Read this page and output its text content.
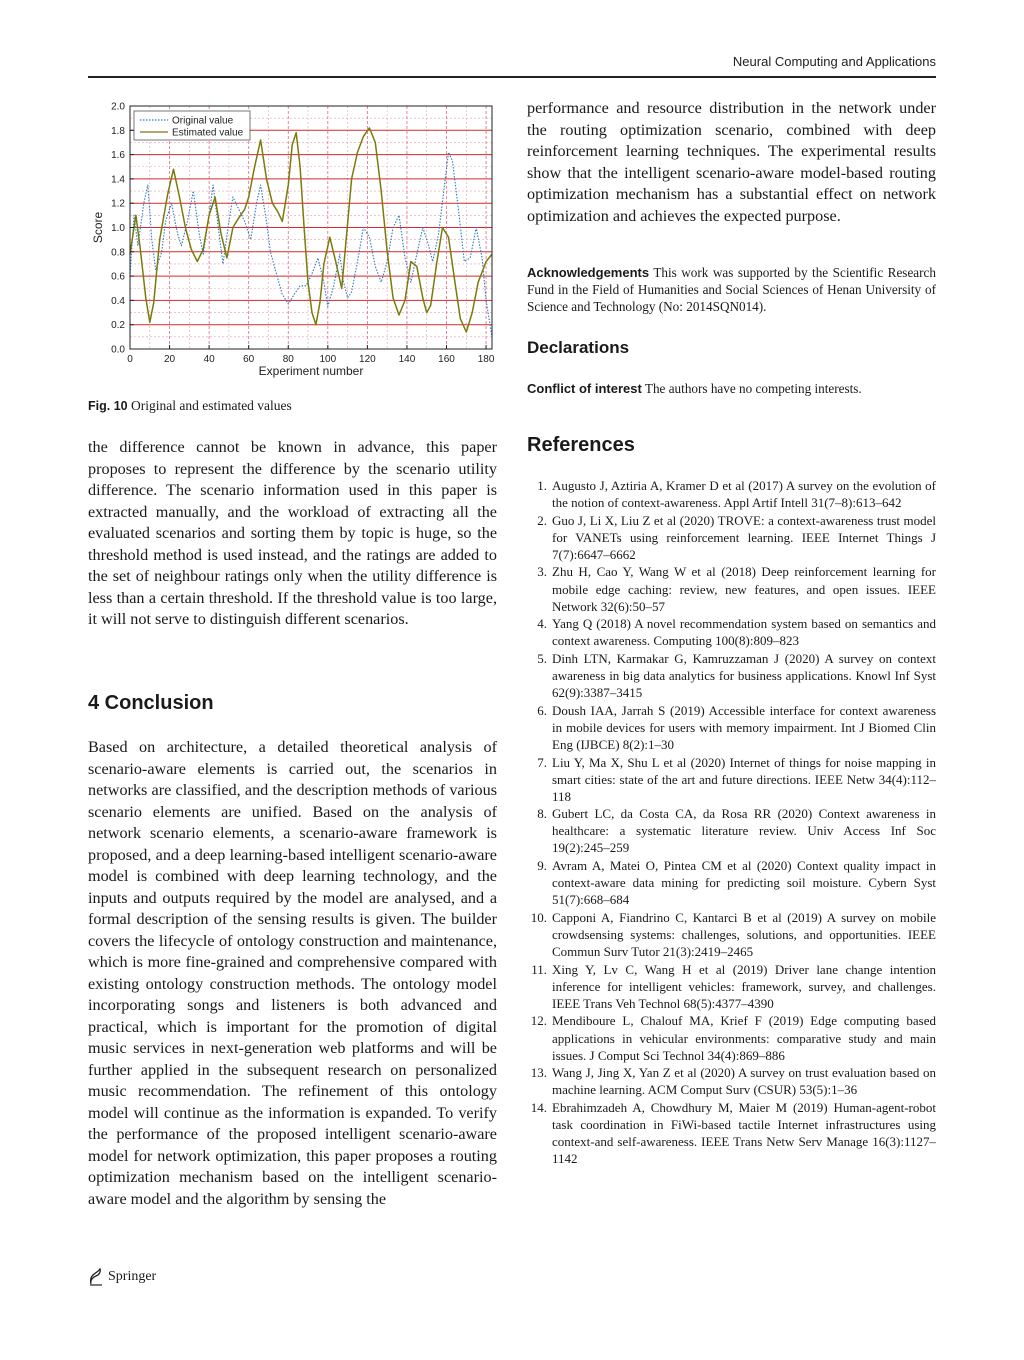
Neural Computing and Applications
0.0
0.2
0.4
0.6
0.8
1.0
1.2
1.4
1.6
1.8
2.0
0	20	40	60	80	100 120 140 160 180
Experiment number
Score
Original value
Estimated value
Fig. 10 Original and estimated values

the difference cannot be known in advance, this paper proposes to represent the difference by the scenario utility difference. The scenario information used in this paper is extracted manually, and the workload of extracting all the evaluated scenarios and sorting them by topic is huge, so the threshold method is used instead, and the ratings are added to the set of neighbour ratings only when the utility difference is less than a certain threshold. If the threshold value is too large, it will not serve to distinguish different scenarios.

4 Conclusion

Based on architecture, a detailed theoretical analysis of scenario-aware elements is carried out, the scenarios in networks are classified, and the description methods of various scenario elements are unified. Based on the analysis of network scenario elements, a scenario-aware framework is proposed, and a deep learning-based intelligent scenario-aware model is combined with deep learning technology, and the inputs and outputs required by the model are analysed, and a formal description of the sensing results is given. The builder covers the lifecycle of ontology construction and maintenance, which is more fine-grained and comprehensive compared with existing ontology construction methods. The ontology model incorporating songs and listeners is both advanced and practical, which is important for the promotion of digital music services in next-generation web platforms and will be further applied in the subsequent research on personalized music recommendation. The refinement of this ontology model will continue as the information is expanded. To verify the performance of the proposed intelligent scenario-aware model for network optimization, this paper proposes a routing optimization mechanism based on the intelligent scenario-aware model and the algorithm by sensing the

performance and resource distribution in the network under the routing optimization scenario, combined with deep reinforcement learning techniques. The experimental results show that the intelligent scenario-aware model-based routing optimization mechanism has a substantial effect on network optimization and achieves the expected purpose.

Acknowledgements This work was supported by the Scientific Research Fund in the Field of Humanities and Social Sciences of Henan University of Science and Technology (No: 2014SQN014).

Declarations

Conflict of interest The authors have no competing interests.

References
1. Augusto J, Aztiria A, Kramer D et al (2017) A survey on the evolution of the notion of context-awareness. Appl Artif Intell 31(7–8):613–642
2. Guo J, Li X, Liu Z et al (2020) TROVE: a context-awareness trust model for VANETs using reinforcement learning. IEEE Internet Things J 7(7):6647–6662
3. Zhu H, Cao Y, Wang W et al (2018) Deep reinforcement learning for mobile edge caching: review, new features, and open issues. IEEE Network 32(6):50–57
4. Yang Q (2018) A novel recommendation system based on semantics and context awareness. Computing 100(8):809–823
5. Dinh LTN, Karmakar G, Kamruzzaman J (2020) A survey on context awareness in big data analytics for business applications. Knowl Inf Syst 62(9):3387–3415
6. Doush IAA, Jarrah S (2019) Accessible interface for context awareness in mobile devices for users with memory impairment. Int J Biomed Clin Eng (IJBCE) 8(2):1–30
7. Liu Y, Ma X, Shu L et al (2020) Internet of things for noise mapping in smart cities: state of the art and future directions. IEEE Netw 34(4):112–118
8. Gubert LC, da Costa CA, da Rosa RR (2020) Context awareness in healthcare: a systematic literature review. Univ Access Inf Soc 19(2):245–259
9. Avram A, Matei O, Pintea CM et al (2020) Context quality impact in context-aware data mining for predicting soil moisture. Cybern Syst 51(7):668–684
10. Capponi A, Fiandrino C, Kantarci B et al (2019) A survey on mobile crowdsensing systems: challenges, solutions, and opportunities. IEEE Commun Surv Tutor 21(3):2419–2465
11. Xing Y, Lv C, Wang H et al (2019) Driver lane change intention inference for intelligent vehicles: framework, survey, and challenges. IEEE Trans Veh Technol 68(5):4377–4390
12. Mendiboure L, Chalouf MA, Krief F (2019) Edge computing based applications in vehicular environments: comparative study and main issues. J Comput Sci Technol 34(4):869–886
13. Wang J, Jing X, Yan Z et al (2020) A survey on trust evaluation based on machine learning. ACM Comput Surv (CSUR) 53(5):1–36
14. Ebrahimzadeh A, Chowdhury M, Maier M (2019) Human-agent-robot task coordination in FiWi-based tactile Internet infrastructures using context-and self-awareness. IEEE Trans Netw Serv Manage 16(3):1127–1142
Springer
